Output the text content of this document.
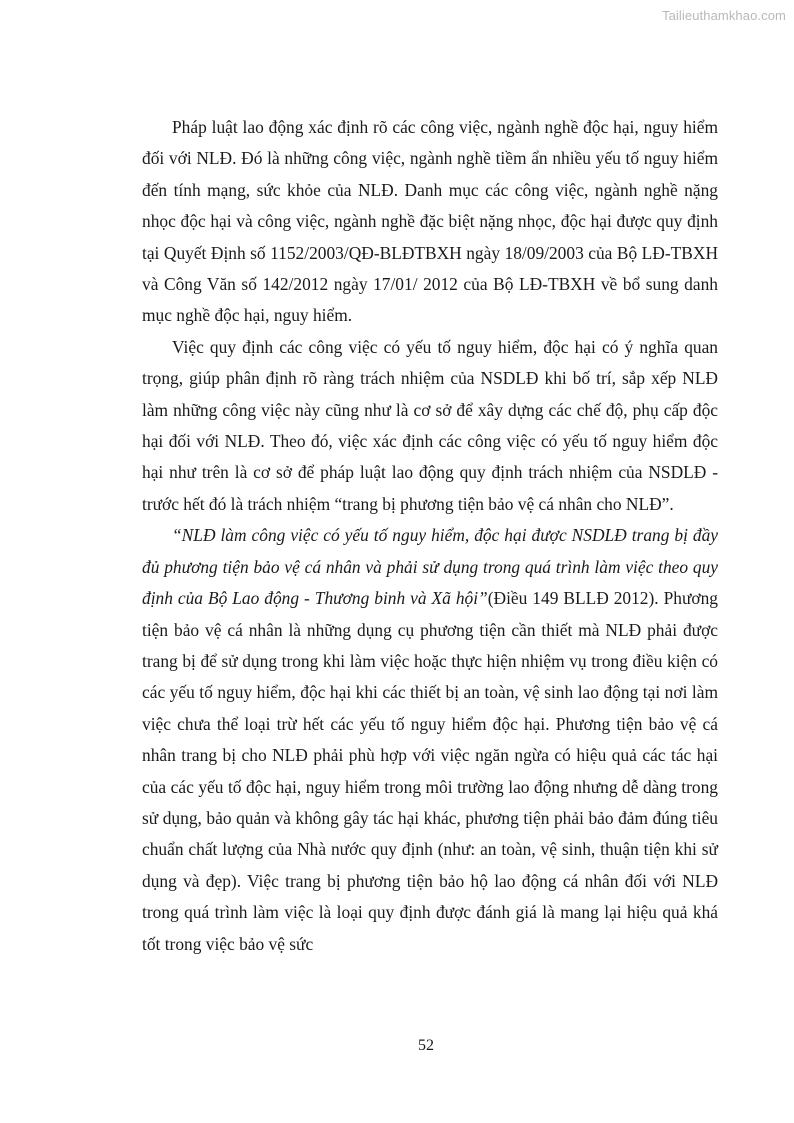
Tailieuthamkhao.com

Pháp luật lao động xác định rõ các công việc, ngành nghề độc hại, nguy hiểm đối với NLĐ. Đó là những công việc, ngành nghề tiềm ẩn nhiều yếu tố nguy hiểm đến tính mạng, sức khỏe của NLĐ. Danh mục các công việc, ngành nghề nặng nhọc độc hại và công việc, ngành nghề đặc biệt nặng nhọc, độc hại được quy định tại Quyết Định số 1152/2003/QĐ-BLĐTBXH ngày 18/09/2003 của Bộ LĐ-TBXH và Công Văn số 142/2012 ngày 17/01/ 2012 của Bộ LĐ-TBXH về bổ sung danh mục nghề độc hại, nguy hiểm.

Việc quy định các công việc có yếu tố nguy hiểm, độc hại có ý nghĩa quan trọng, giúp phân định rõ ràng trách nhiệm của NSDLĐ khi bố trí, sắp xếp NLĐ làm những công việc này cũng như là cơ sở để xây dựng các chế độ, phụ cấp độc hại đối với NLĐ. Theo đó, việc xác định các công việc có yếu tố nguy hiểm độc hại như trên là cơ sở để pháp luật lao động quy định trách nhiệm của NSDLĐ - trước hết đó là trách nhiệm “trang bị phương tiện bảo vệ cá nhân cho NLĐ”.

“NLĐ làm công việc có yếu tố nguy hiểm, độc hại được NSDLĐ trang bị đầy đủ phương tiện bảo vệ cá nhân và phải sử dụng trong quá trình làm việc theo quy định của Bộ Lao động - Thương binh và Xã hội”(Điều 149 BLLĐ 2012). Phương tiện bảo vệ cá nhân là những dụng cụ phương tiện cần thiết mà NLĐ phải được trang bị để sử dụng trong khi làm việc hoặc thực hiện nhiệm vụ trong điều kiện có các yếu tố nguy hiểm, độc hại khi các thiết bị an toàn, vệ sinh lao động tại nơi làm việc chưa thể loại trừ hết các yếu tố nguy hiểm độc hại. Phương tiện bảo vệ cá nhân trang bị cho NLĐ phải phù hợp với việc ngăn ngừa có hiệu quả các tác hại của các yếu tố độc hại, nguy hiểm trong môi trường lao động nhưng dễ dàng trong sử dụng, bảo quản và không gây tác hại khác, phương tiện phải bảo đảm đúng tiêu chuẩn chất lượng của Nhà nước quy định (như: an toàn, vệ sinh, thuận tiện khi sử dụng và đẹp). Việc trang bị phương tiện bảo hộ lao động cá nhân đối với NLĐ trong quá trình làm việc là loại quy định được đánh giá là mang lại hiệu quả khá tốt trong việc bảo vệ sức

52
